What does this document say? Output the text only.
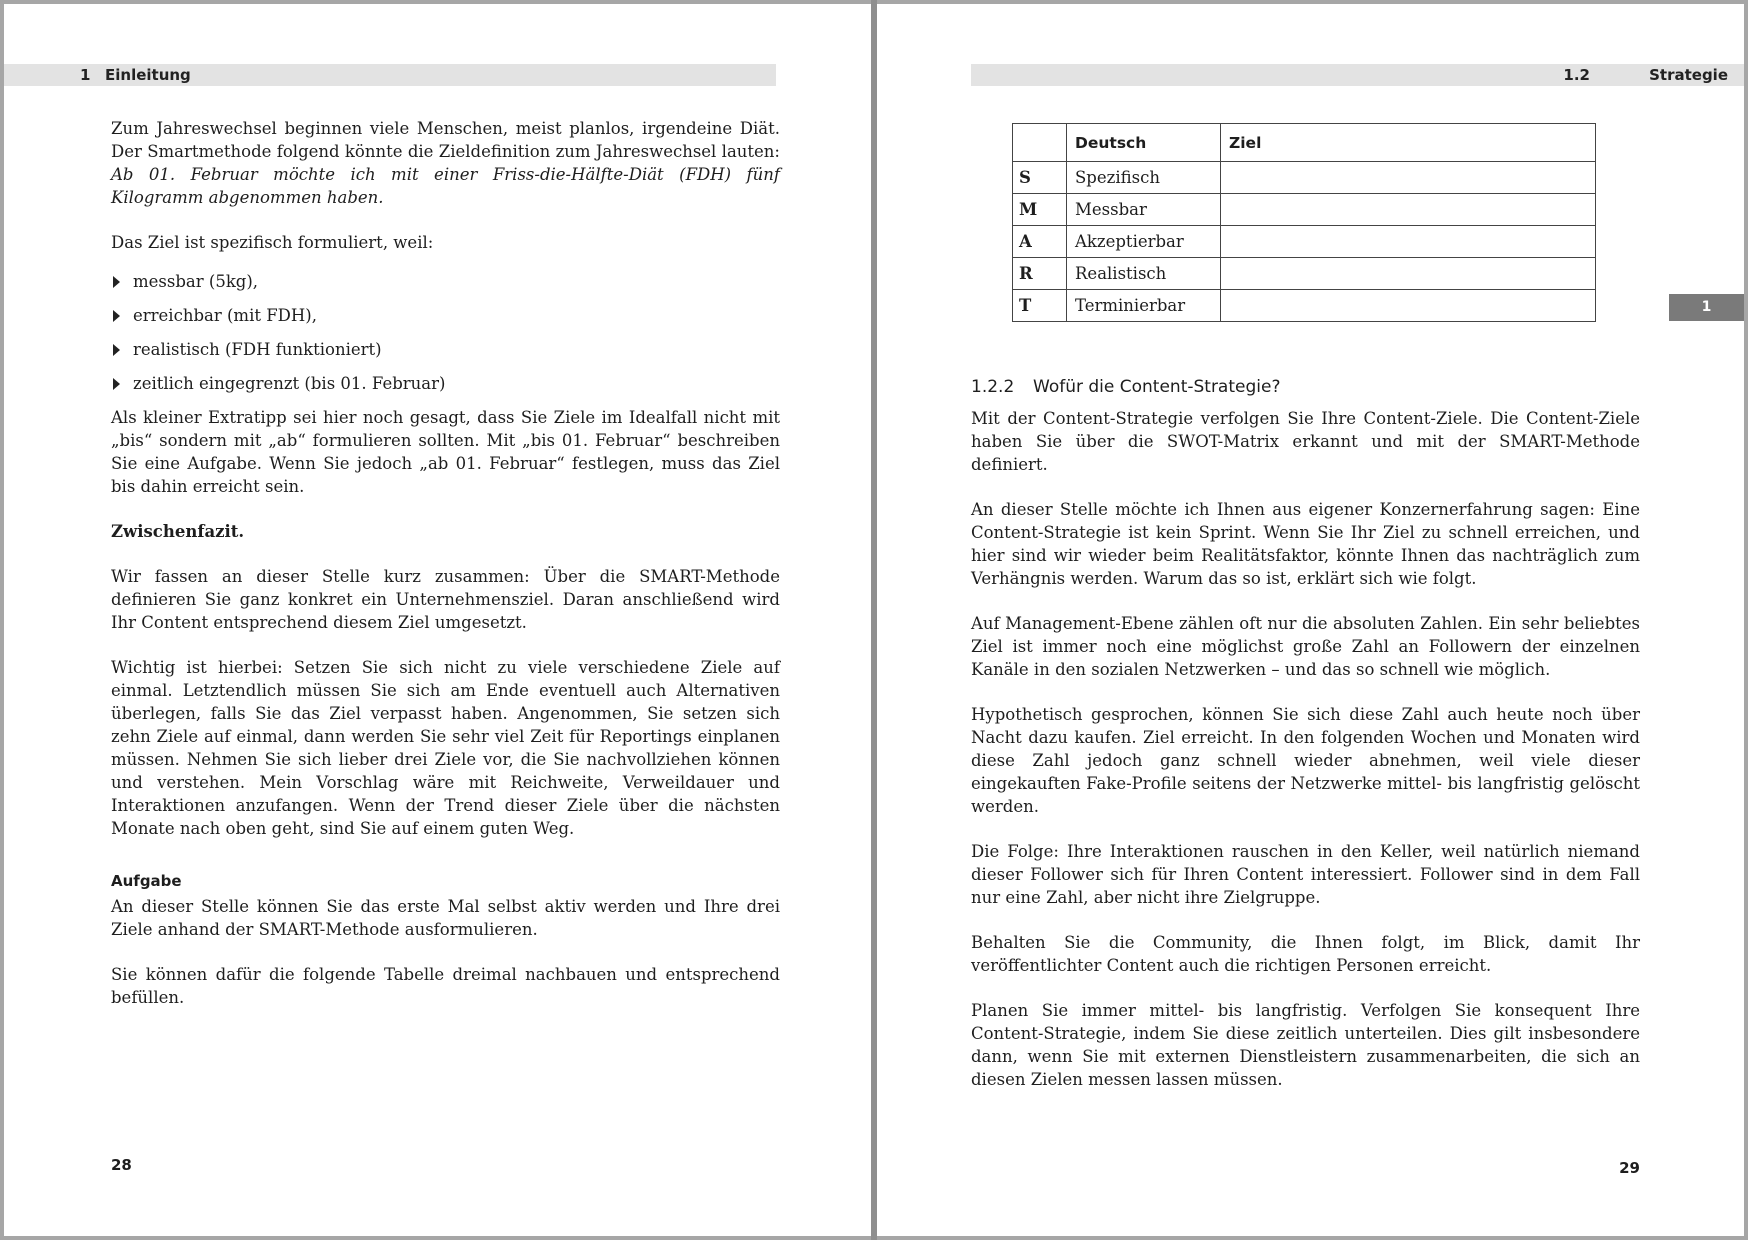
1 Einleitung

Zum Jahreswechsel beginnen viele Menschen, meist planlos, irgendeine Diät. Der Smartmethode folgend könnte die Zieldefinition zum Jahreswechsel lauten: Ab 01. Februar möchte ich mit einer Friss-die-Hälfte-Diät (FDH) fünf Kilogramm abgenommen haben.

Das Ziel ist spezifisch formuliert, weil:

messbar (5kg),
erreichbar (mit FDH),
realistisch (FDH funktioniert)
zeitlich eingegrenzt (bis 01. Februar)

Als kleiner Extratipp sei hier noch gesagt, dass Sie Ziele im Idealfall nicht mit „bis“ sondern mit „ab“ formulieren sollten. Mit „bis 01. Februar“ beschreiben Sie eine Aufgabe. Wenn Sie jedoch „ab 01. Februar“ festlegen, muss das Ziel bis dahin erreicht sein.

Zwischenfazit.

Wir fassen an dieser Stelle kurz zusammen: Über die SMART-Methode definieren Sie ganz konkret ein Unternehmensziel. Daran anschließend wird Ihr Content entsprechend diesem Ziel umgesetzt.

Wichtig ist hierbei: Setzen Sie sich nicht zu viele verschiedene Ziele auf einmal. Letztendlich müssen Sie sich am Ende eventuell auch Alternativen überlegen, falls Sie das Ziel verpasst haben. Angenommen, Sie setzen sich zehn Ziele auf einmal, dann werden Sie sehr viel Zeit für Reportings einplanen müssen. Nehmen Sie sich lieber drei Ziele vor, die Sie nachvollziehen können und verstehen. Mein Vorschlag wäre mit Reichweite, Verweildauer und Interaktionen anzufangen. Wenn der Trend dieser Ziele über die nächsten Monate nach oben geht, sind Sie auf einem guten Weg.

Aufgabe

An dieser Stelle können Sie das erste Mal selbst aktiv werden und Ihre drei Ziele anhand der SMART-Methode ausformulieren.

Sie können dafür die folgende Tabelle dreimal nachbauen und entsprechend befüllen.

28
1.2	Strategie
1
	Deutsch	Ziel
S	Spezifisch	
M	Messbar	
A	Akzeptierbar	
R	Realistisch	
T	Terminierbar	
1.2.2 Wofür die Content-Strategie?

Mit der Content-Strategie verfolgen Sie Ihre Content-Ziele. Die Content-Ziele haben Sie über die SWOT-Matrix erkannt und mit der SMART-Methode definiert.

An dieser Stelle möchte ich Ihnen aus eigener Konzernerfahrung sagen: Eine Content-Strategie ist kein Sprint. Wenn Sie Ihr Ziel zu schnell erreichen, und hier sind wir wieder beim Realitätsfaktor, könnte Ihnen das nachträglich zum Verhängnis werden. Warum das so ist, erklärt sich wie folgt.

Auf Management-Ebene zählen oft nur die absoluten Zahlen. Ein sehr beliebtes Ziel ist immer noch eine möglichst große Zahl an Followern der einzelnen Kanäle in den sozialen Netzwerken – und das so schnell wie möglich.

Hypothetisch gesprochen, können Sie sich diese Zahl auch heute noch über Nacht dazu kaufen. Ziel erreicht. In den folgenden Wochen und Monaten wird diese Zahl jedoch ganz schnell wieder abnehmen, weil viele dieser eingekauften Fake-Profile seitens der Netzwerke mittel- bis langfristig gelöscht werden.

Die Folge: Ihre Interaktionen rauschen in den Keller, weil natürlich niemand dieser Follower sich für Ihren Content interessiert. Follower sind in dem Fall nur eine Zahl, aber nicht ihre Zielgruppe.

Behalten Sie die Community, die Ihnen folgt, im Blick, damit Ihr veröffentlichter Content auch die richtigen Personen erreicht.

Planen Sie immer mittel- bis langfristig. Verfolgen Sie konsequent Ihre Content-Strategie, indem Sie diese zeitlich unterteilen. Dies gilt insbesondere dann, wenn Sie mit externen Dienstleistern zusammenarbeiten, die sich an diesen Zielen messen lassen müssen.

29
